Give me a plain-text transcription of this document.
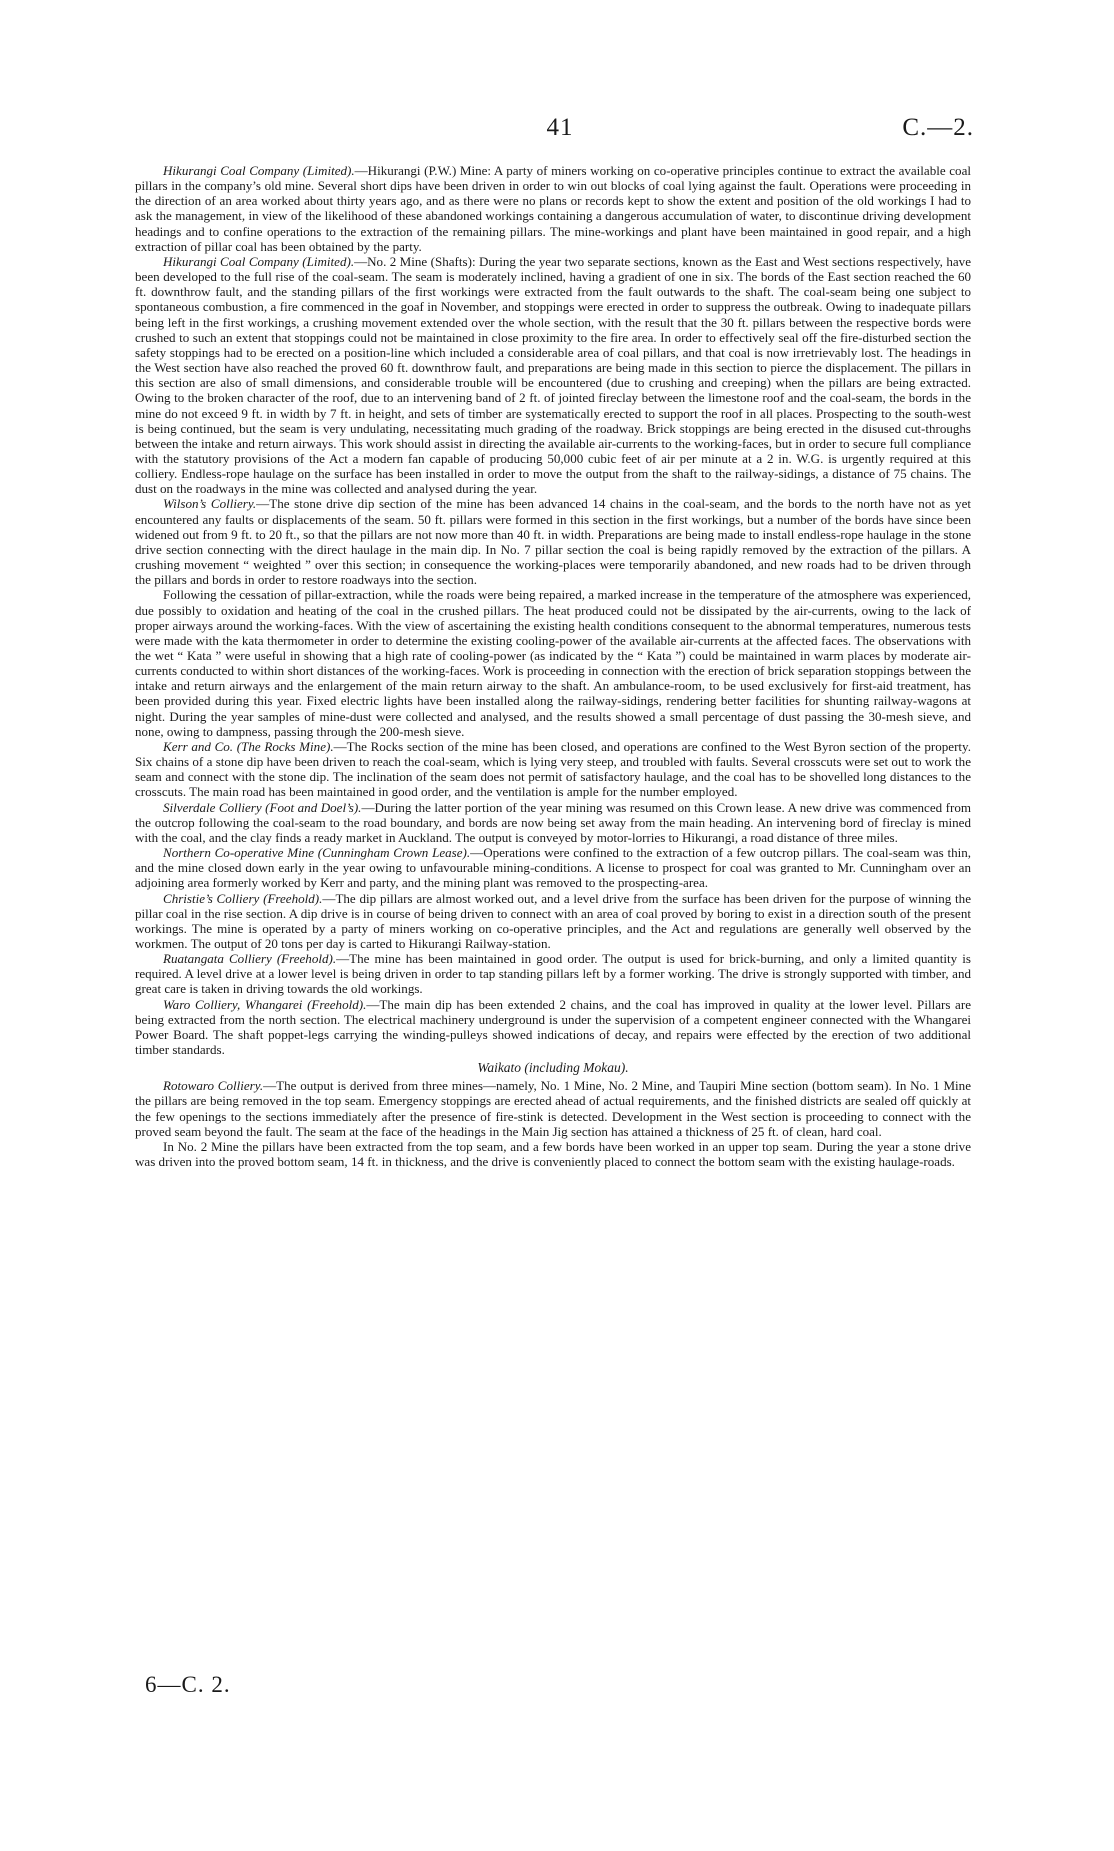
41	C.—2.

Hikurangi Coal Company (Limited).—Hikurangi (P.W.) Mine: A party of miners working on co-operative principles continue to extract the available coal pillars in the company’s old mine. Several short dips have been driven in order to win out blocks of coal lying against the fault. Operations were proceeding in the direction of an area worked about thirty years ago, and as there were no plans or records kept to show the extent and position of the old workings I had to ask the management, in view of the likelihood of these abandoned workings containing a dangerous accumulation of water, to discontinue driving development headings and to confine operations to the extraction of the remaining pillars. The mine-workings and plant have been maintained in good repair, and a high extraction of pillar coal has been obtained by the party.

Hikurangi Coal Company (Limited).—No. 2 Mine (Shafts): During the year two separate sections, known as the East and West sections respectively, have been developed to the full rise of the coal-seam. The seam is moderately inclined, having a gradient of one in six. The bords of the East section reached the 60 ft. downthrow fault, and the standing pillars of the first workings were extracted from the fault outwards to the shaft. The coal-seam being one subject to spontaneous combustion, a fire commenced in the goaf in November, and stoppings were erected in order to suppress the outbreak. Owing to inadequate pillars being left in the first workings, a crushing movement extended over the whole section, with the result that the 30 ft. pillars between the respective bords were crushed to such an extent that stoppings could not be maintained in close proximity to the fire area. In order to effectively seal off the fire-disturbed section the safety stoppings had to be erected on a position-line which included a considerable area of coal pillars, and that coal is now irretrievably lost. The headings in the West section have also reached the proved 60 ft. downthrow fault, and preparations are being made in this section to pierce the displacement. The pillars in this section are also of small dimensions, and considerable trouble will be encountered (due to crushing and creeping) when the pillars are being extracted. Owing to the broken character of the roof, due to an intervening band of 2 ft. of jointed fireclay between the limestone roof and the coal-seam, the bords in the mine do not exceed 9 ft. in width by 7 ft. in height, and sets of timber are systematically erected to support the roof in all places. Prospecting to the south-west is being continued, but the seam is very undulating, necessitating much grading of the roadway. Brick stoppings are being erected in the disused cut-throughs between the intake and return airways. This work should assist in directing the available air-currents to the working-faces, but in order to secure full compliance with the statutory provisions of the Act a modern fan capable of producing 50,000 cubic feet of air per minute at a 2 in. W.G. is urgently required at this colliery. Endless-rope haulage on the surface has been installed in order to move the output from the shaft to the railway-sidings, a distance of 75 chains. The dust on the roadways in the mine was collected and analysed during the year.

Wilson’s Colliery.—The stone drive dip section of the mine has been advanced 14 chains in the coal-seam, and the bords to the north have not as yet encountered any faults or displacements of the seam. 50 ft. pillars were formed in this section in the first workings, but a number of the bords have since been widened out from 9 ft. to 20 ft., so that the pillars are not now more than 40 ft. in width. Preparations are being made to install endless-rope haulage in the stone drive section connecting with the direct haulage in the main dip. In No. 7 pillar section the coal is being rapidly removed by the extraction of the pillars. A crushing movement “ weighted ” over this section; in consequence the working-places were temporarily abandoned, and new roads had to be driven through the pillars and bords in order to restore roadways into the section.

Following the cessation of pillar-extraction, while the roads were being repaired, a marked increase in the temperature of the atmosphere was experienced, due possibly to oxidation and heating of the coal in the crushed pillars. The heat produced could not be dissipated by the air-currents, owing to the lack of proper airways around the working-faces. With the view of ascertaining the existing health conditions consequent to the abnormal temperatures, numerous tests were made with the kata thermometer in order to determine the existing cooling-power of the available air-currents at the affected faces. The observations with the wet “ Kata ” were useful in showing that a high rate of cooling-power (as indicated by the “ Kata ”) could be maintained in warm places by moderate air-currents conducted to within short distances of the working-faces. Work is proceeding in connection with the erection of brick separation stoppings between the intake and return airways and the enlargement of the main return airway to the shaft. An ambulance-room, to be used exclusively for first-aid treatment, has been provided during this year. Fixed electric lights have been installed along the railway-sidings, rendering better facilities for shunting railway-wagons at night. During the year samples of mine-dust were collected and analysed, and the results showed a small percentage of dust passing the 30-mesh sieve, and none, owing to dampness, passing through the 200-mesh sieve.

Kerr and Co. (The Rocks Mine).—The Rocks section of the mine has been closed, and operations are confined to the West Byron section of the property. Six chains of a stone dip have been driven to reach the coal-seam, which is lying very steep, and troubled with faults. Several crosscuts were set out to work the seam and connect with the stone dip. The inclination of the seam does not permit of satisfactory haulage, and the coal has to be shovelled long distances to the crosscuts. The main road has been maintained in good order, and the ventilation is ample for the number employed.

Silverdale Colliery (Foot and Doel’s).—During the latter portion of the year mining was resumed on this Crown lease. A new drive was commenced from the outcrop following the coal-seam to the road boundary, and bords are now being set away from the main heading. An intervening bord of fireclay is mined with the coal, and the clay finds a ready market in Auckland. The output is conveyed by motor-lorries to Hikurangi, a road distance of three miles.

Northern Co-operative Mine (Cunningham Crown Lease).—Operations were confined to the extraction of a few outcrop pillars. The coal-seam was thin, and the mine closed down early in the year owing to unfavourable mining-conditions. A license to prospect for coal was granted to Mr. Cunningham over an adjoining area formerly worked by Kerr and party, and the mining plant was removed to the prospecting-area.

Christie’s Colliery (Freehold).—The dip pillars are almost worked out, and a level drive from the surface has been driven for the purpose of winning the pillar coal in the rise section. A dip drive is in course of being driven to connect with an area of coal proved by boring to exist in a direction south of the present workings. The mine is operated by a party of miners working on co-operative principles, and the Act and regulations are generally well observed by the workmen. The output of 20 tons per day is carted to Hikurangi Railway-station.

Ruatangata Colliery (Freehold).—The mine has been maintained in good order. The output is used for brick-burning, and only a limited quantity is required. A level drive at a lower level is being driven in order to tap standing pillars left by a former working. The drive is strongly supported with timber, and great care is taken in driving towards the old workings.

Waro Colliery, Whangarei (Freehold).—The main dip has been extended 2 chains, and the coal has improved in quality at the lower level. Pillars are being extracted from the north section. The electrical machinery underground is under the supervision of a competent engineer connected with the Whangarei Power Board. The shaft poppet-legs carrying the winding-pulleys showed indications of decay, and repairs were effected by the erection of two additional timber standards.

Waikato (including Mokau).

Rotowaro Colliery.—The output is derived from three mines—namely, No. 1 Mine, No. 2 Mine, and Taupiri Mine section (bottom seam). In No. 1 Mine the pillars are being removed in the top seam. Emergency stoppings are erected ahead of actual requirements, and the finished districts are sealed off quickly at the few openings to the sections immediately after the presence of fire-stink is detected. Development in the West section is proceeding to connect with the proved seam beyond the fault. The seam at the face of the headings in the Main Jig section has attained a thickness of 25 ft. of clean, hard coal.

In No. 2 Mine the pillars have been extracted from the top seam, and a few bords have been worked in an upper top seam. During the year a stone drive was driven into the proved bottom seam, 14 ft. in thickness, and the drive is conveniently placed to connect the bottom seam with the existing haulage-roads.

6—C. 2.
